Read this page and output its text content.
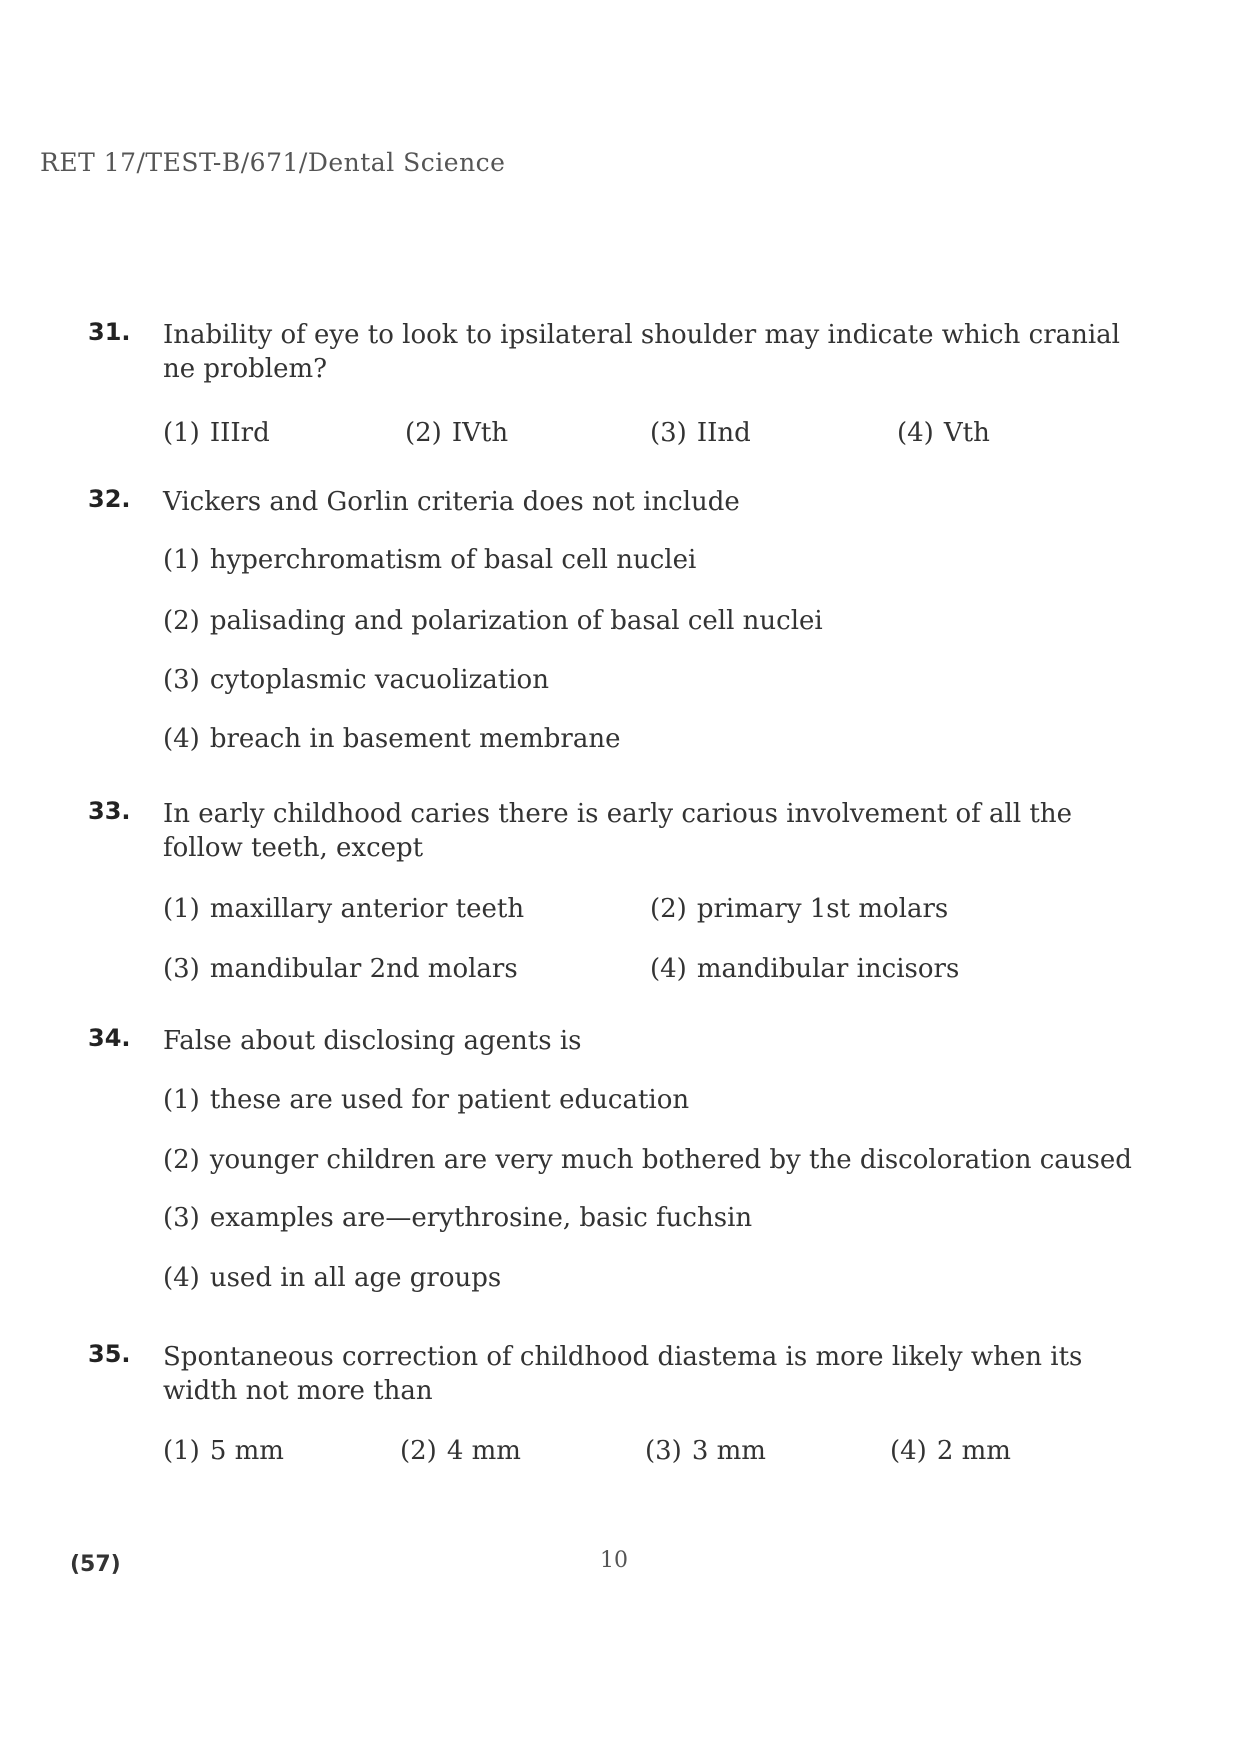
RET 17/TEST-B/671/Dental Science
31. Inability of eye to look to ipsilateral shoulder may indicate which cranial ne problem?
(1) IIIrd	(2) IVth	(3) IInd	(4) Vth
32. Vickers and Gorlin criteria does not include
(1) hyperchromatism of basal cell nuclei
(2) palisading and polarization of basal cell nuclei
(3) cytoplasmic vacuolization
(4) breach in basement membrane
33. In early childhood caries there is early carious involvement of all the follow teeth, except
(1) maxillary anterior teeth	(2) primary 1st molars
(3) mandibular 2nd molars	(4) mandibular incisors
34. False about disclosing agents is
(1) these are used for patient education
(2) younger children are very much bothered by the discoloration caused
(3) examples are—erythrosine, basic fuchsin
(4) used in all age groups
35. Spontaneous correction of childhood diastema is more likely when its width not more than
(1) 5 mm	(2) 4 mm	(3) 3 mm	(4) 2 mm
(57)	10
